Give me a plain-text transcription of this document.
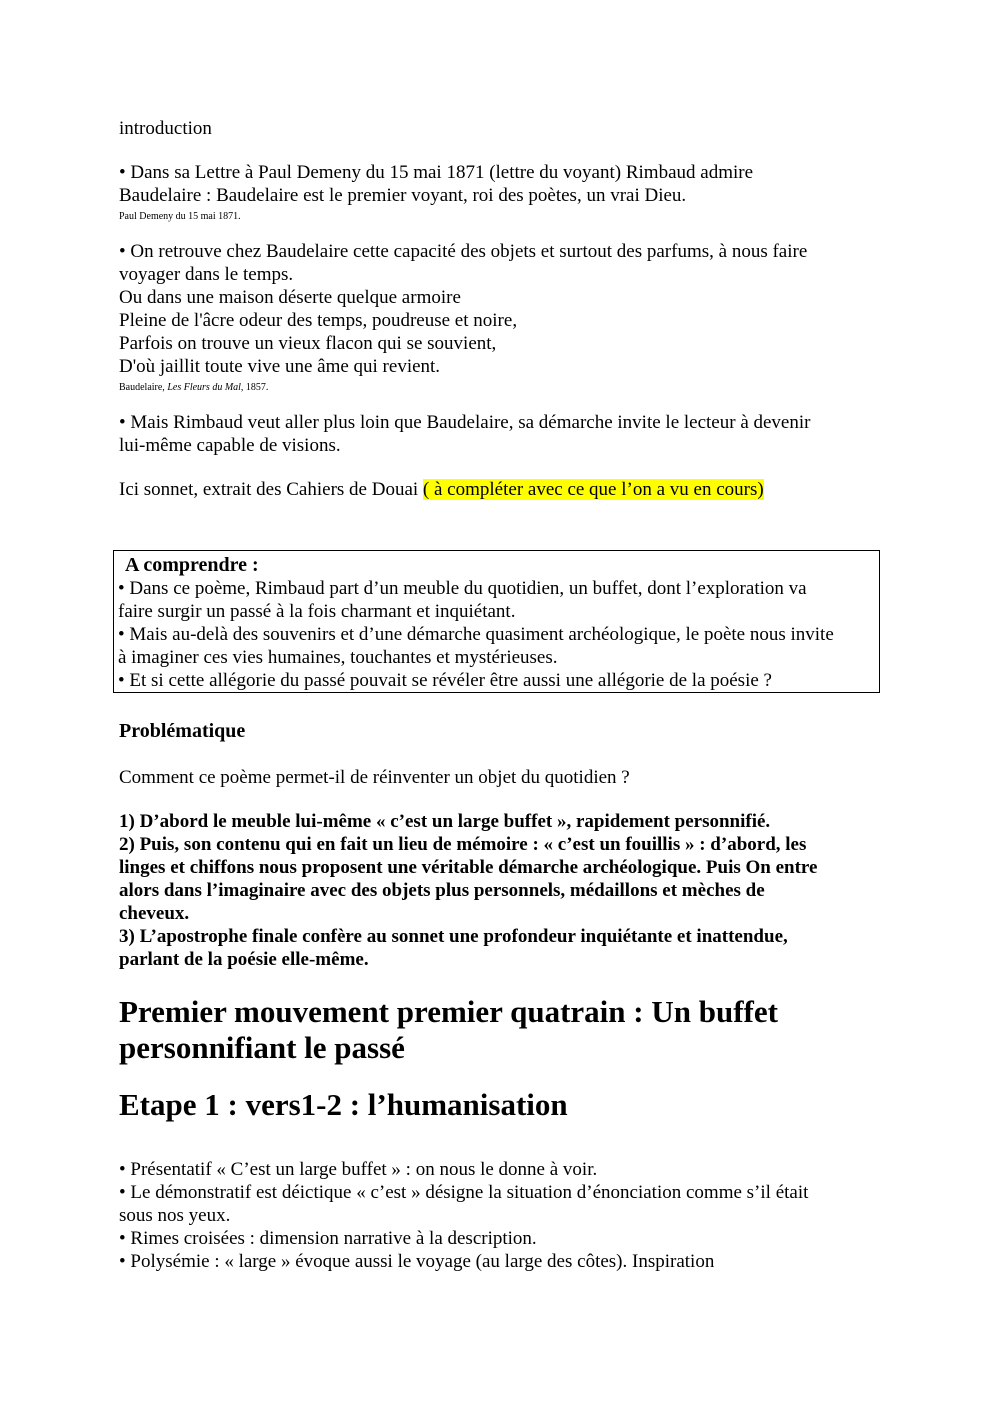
introduction

• Dans sa Lettre à Paul Demeny du 15 mai 1871 (lettre du voyant) Rimbaud admire

Baudelaire : Baudelaire est le premier voyant, roi des poètes, un vrai Dieu.

Paul Demeny du 15 mai 1871.

• On retrouve chez Baudelaire cette capacité des objets et surtout des parfums, à nous faire

voyager dans le temps.

Ou dans une maison déserte quelque armoire

Pleine de l'âcre odeur des temps, poudreuse et noire,

Parfois on trouve un vieux flacon qui se souvient,

D'où jaillit toute vive une âme qui revient.

Baudelaire, Les Fleurs du Mal, 1857.

• Mais Rimbaud veut aller plus loin que Baudelaire, sa démarche invite le lecteur à devenir

lui-même capable de visions.

Ici sonnet, extrait des Cahiers de Douai ( à compléter avec ce que l’on a vu en cours)

A comprendre :

• Dans ce poème, Rimbaud part d’un meuble du quotidien, un buffet, dont l’exploration va

faire surgir un passé à la fois charmant et inquiétant.

• Mais au-delà des souvenirs et d’une démarche quasiment archéologique, le poète nous invite

à imaginer ces vies humaines, touchantes et mystérieuses.

• Et si cette allégorie du passé pouvait se révéler être aussi une allégorie de la poésie ?

Problématique

Comment ce poème permet-il de réinventer un objet du quotidien ?

1) D’abord le meuble lui-même « c’est un large buffet », rapidement personnifié.

2) Puis, son contenu qui en fait un lieu de mémoire : « c’est un fouillis » : d’abord, les

linges et chiffons nous proposent une véritable démarche archéologique. Puis On entre

alors dans l’imaginaire avec des objets plus personnels, médaillons et mèches de

cheveux.

3) L’apostrophe finale confère au sonnet une profondeur inquiétante et inattendue,

parlant de la poésie elle-même.

Premier mouvement premier quatrain : Un buffet
personnifiant le passé
Etape 1 : vers1-2 : l’humanisation

• Présentatif « C’est un large buffet » : on nous le donne à voir.

• Le démonstratif est déictique « c’est » désigne la situation d’énonciation comme s’il était

sous nos yeux.

• Rimes croisées : dimension narrative à la description.

• Polysémie : « large » évoque aussi le voyage (au large des côtes). Inspiration
